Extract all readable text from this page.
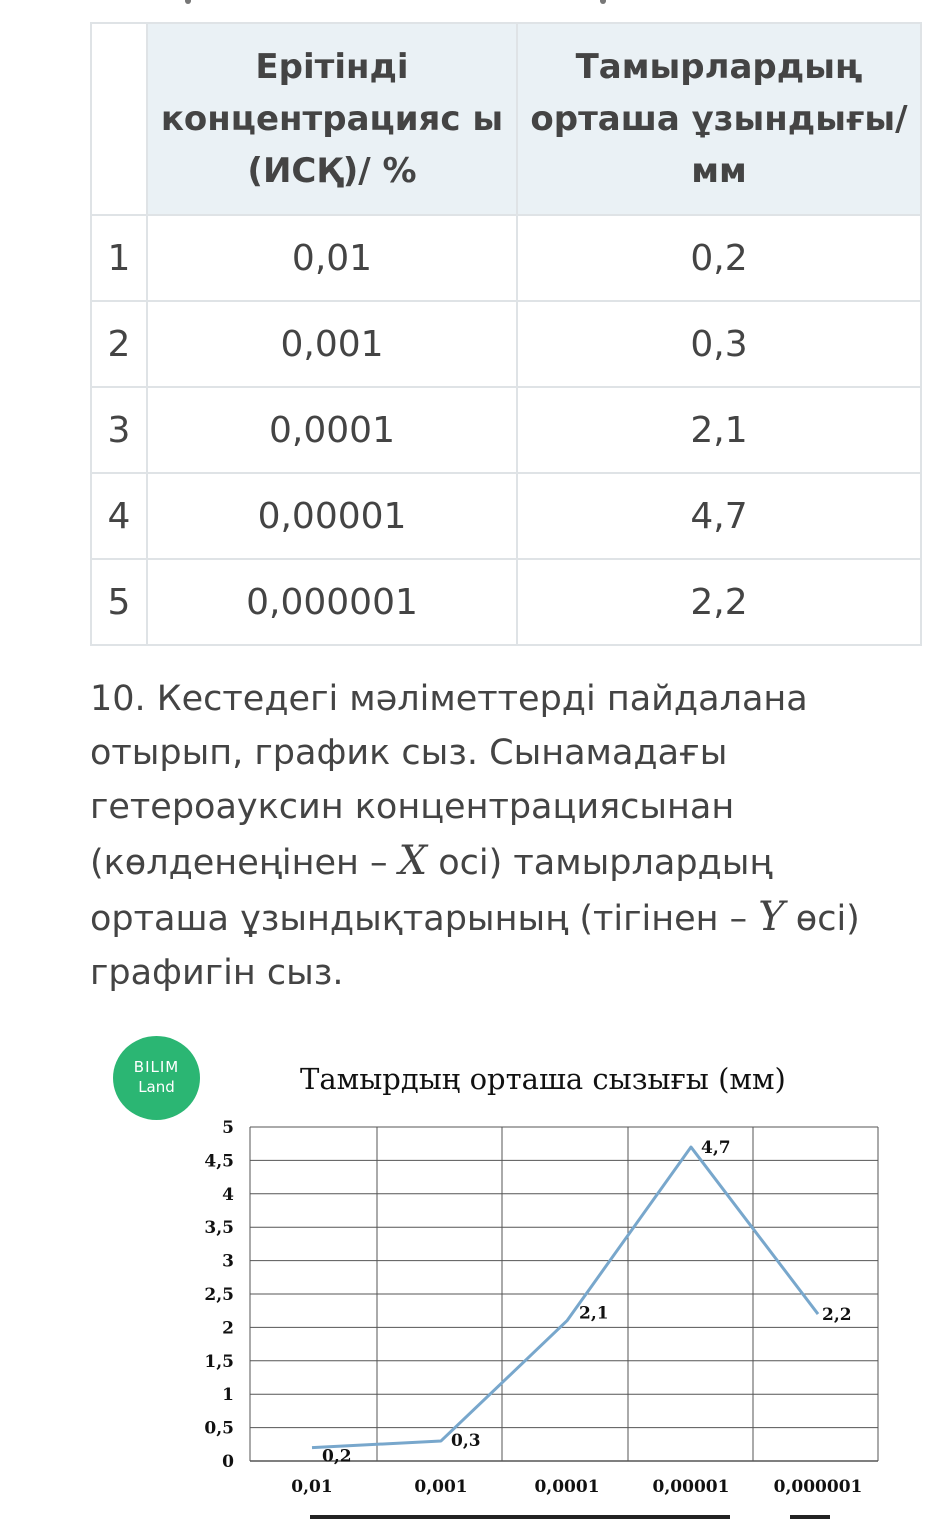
	Ерітінді концентрацияс ы (ИСҚ)/ %	Тамырлардың орташа ұзындығы/мм
1	0,01	0,2
2	0,001	0,3
3	0,0001	2,1
4	0,00001	4,7
5	0,000001	2,2
10. Кестедегі мәліметтерді пайдалана отырып, график сыз. Сынамадағы гетероауксин концентрациясынан (көлденеңінен – X осі) тамырлардың орташа ұзындықтарының (тігінен – Y өсі) графигін сыз.
BILIM
Land	Тамырдың орташа сызығы (мм)
0
0,5
1
1,5
2
2,5
3
3,5
4
4,5
5
0,01	0,001	0,0001	0,00001	0,000001
0,2
0,3
2,1
4,7
2,2
